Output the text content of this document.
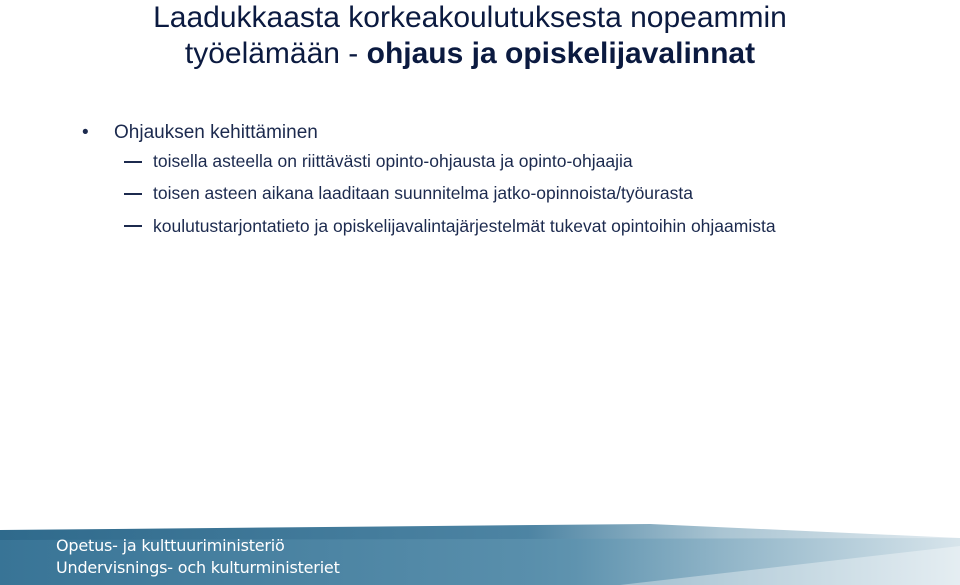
Laadukkaasta korkeakoulutuksesta nopeammin
työelämään - ohjaus ja opiskelijavalinnat
• Ohjauksen kehittäminen
toisella asteella on riittävästi opinto-ohjausta ja opinto-ohjaajia
toisen asteen aikana laaditaan suunnitelma jatko-opinnoista/työurasta
koulutustarjontatieto ja opiskelijavalintajärjestelmät tukevat opintoihin ohjaamista
Opetus- ja kulttuuriministeriö
Undervisnings- och kulturministeriet
